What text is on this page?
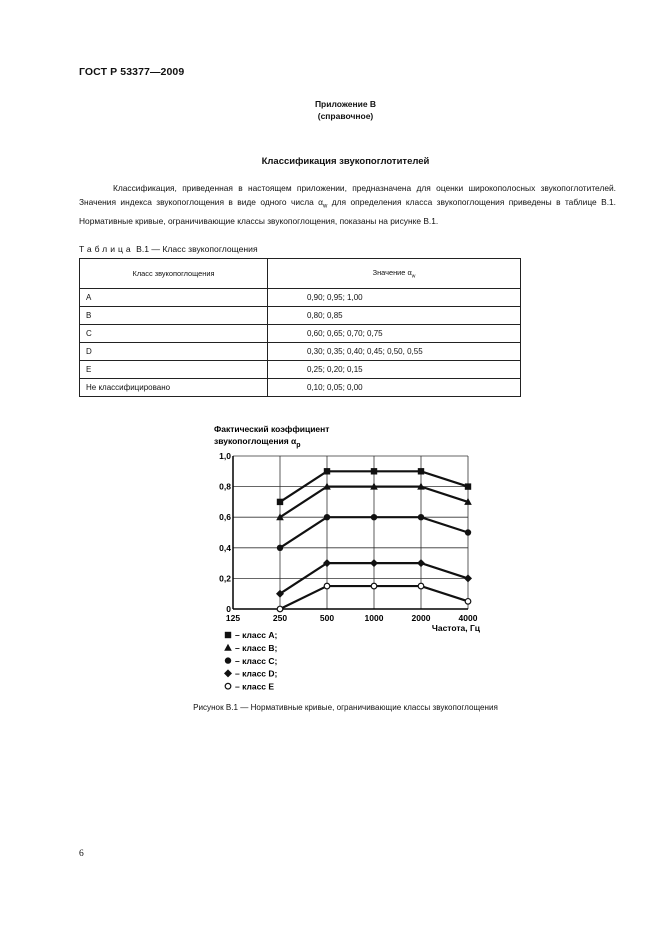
ГОСТ Р 53377—2009
Приложение В
(справочное)
Классификация звукопоглотителей

Классификация, приведенная в настоящем приложении, предназначена для оценки широкополосных звукопоглотителей. Значения индекса звукопоглощения в виде одного числа $\alpha_w$ для определения класса звукопоглощения приведены в таблице В.1. Нормативные кривые, ограничивающие классы звукопоглощения, показаны на рисунке В.1.

Таблица В.1 — Класс звукопоглощения
Класс звукопоглощения	Значение $\alpha_w$
A	0,90; 0,95; 1,00
B	0,80; 0,85
C	0,60; 0,65; 0,70; 0,75
D	0,30; 0,35; 0,40; 0,45; 0,50, 0,55
E	0,25; 0,20; 0,15
Не классифицировано	0,10; 0,05; 0,00
Фактический коэффициент
звукопоглощения $\alpha_p$
0
0,2
0,4
0,6
0,8
1,0
125	250	500	1000	2000	4000
Частота, Гц
– класс А;
– класс В;
– класс С;
– класс D;
– класс Е
Рисунок В.1 — Нормативные кривые, ограничивающие классы звукопоглощения
6
